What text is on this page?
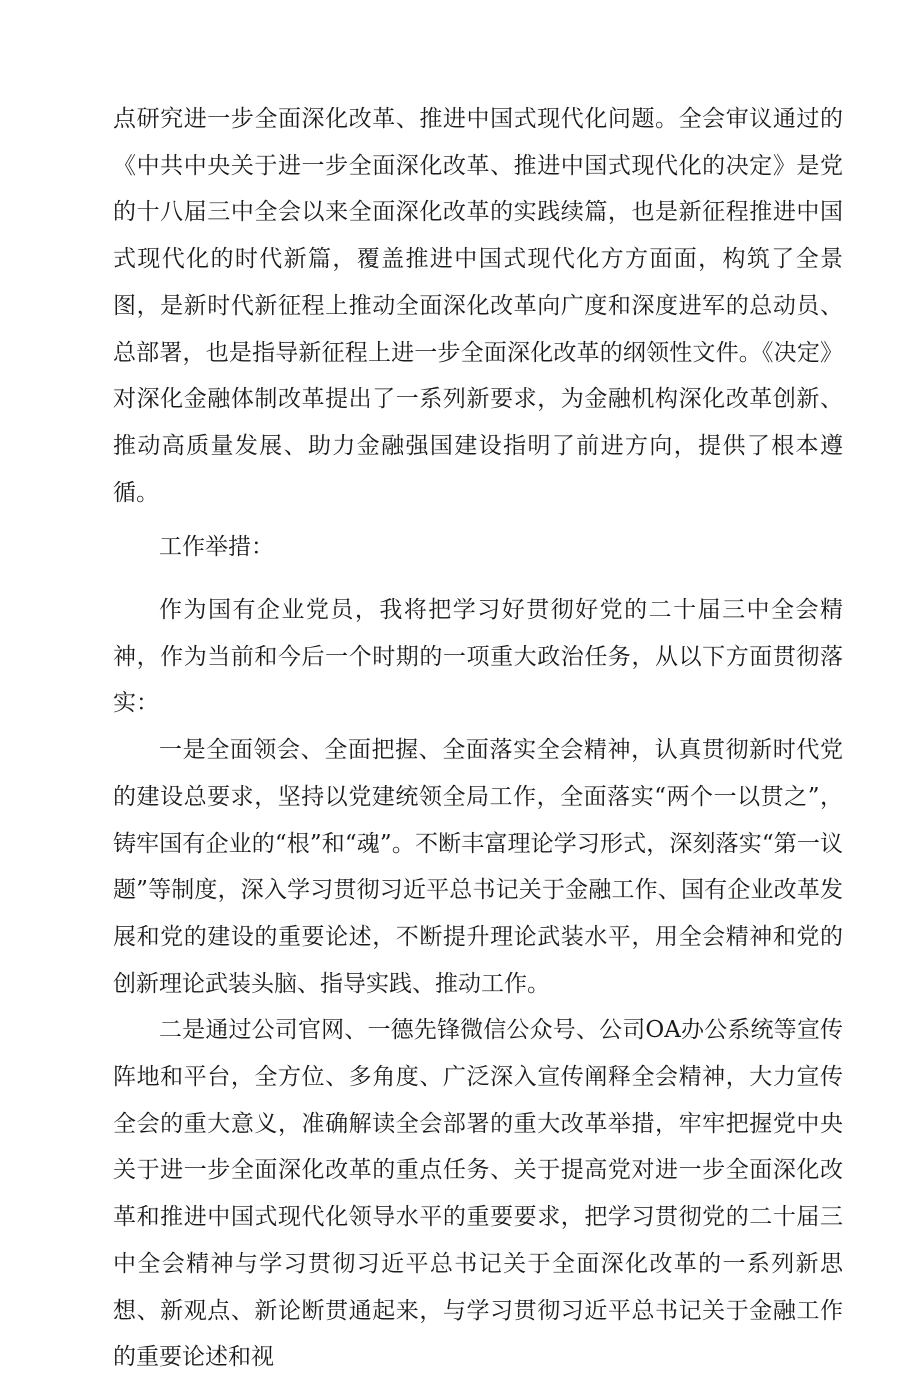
点研究进一步全面深化改革、推进中国式现代化问题。全会审议通过的《中共中央关于进一步全面深化改革、推进中国式现代化的决定》是党的十八届三中全会以来全面深化改革的实践续篇，也是新征程推进中国式现代化的时代新篇，覆盖推进中国式现代化方方面面，构筑了全景图，是新时代新征程上推动全面深化改革向广度和深度进军的总动员、总部署，也是指导新征程上进一步全面深化改革的纲领性文件。《决定》对深化金融体制改革提出了一系列新要求，为金融机构深化改革创新、推动高质量发展、助力金融强国建设指明了前进方向，提供了根本遵循。

工作举措：

作为国有企业党员，我将把学习好贯彻好党的二十届三中全会精神，作为当前和今后一个时期的一项重大政治任务，从以下方面贯彻落实：

一是全面领会、全面把握、全面落实全会精神，认真贯彻新时代党的建设总要求，坚持以党建统领全局工作，全面落实“两个一以贯之”，铸牢国有企业的“根”和“魂”。不断丰富理论学习形式，深刻落实“第一议题”等制度，深入学习贯彻习近平总书记关于金融工作、国有企业改革发展和党的建设的重要论述，不断提升理论武装水平，用全会精神和党的创新理论武装头脑、指导实践、推动工作。

二是通过公司官网、一德先锋微信公众号、公司OA办公系统等宣传阵地和平台，全方位、多角度、广泛深入宣传阐释全会精神，大力宣传全会的重大意义，准确解读全会部署的重大改革举措，牢牢把握党中央关于进一步全面深化改革的重点任务、关于提高党对进一步全面深化改革和推进中国式现代化领导水平的重要要求，把学习贯彻党的二十届三中全会精神与学习贯彻习近平总书记关于全面深化改革的一系列新思想、新观点、新论断贯通起来，与学习贯彻习近平总书记关于金融工作的重要论述和视
